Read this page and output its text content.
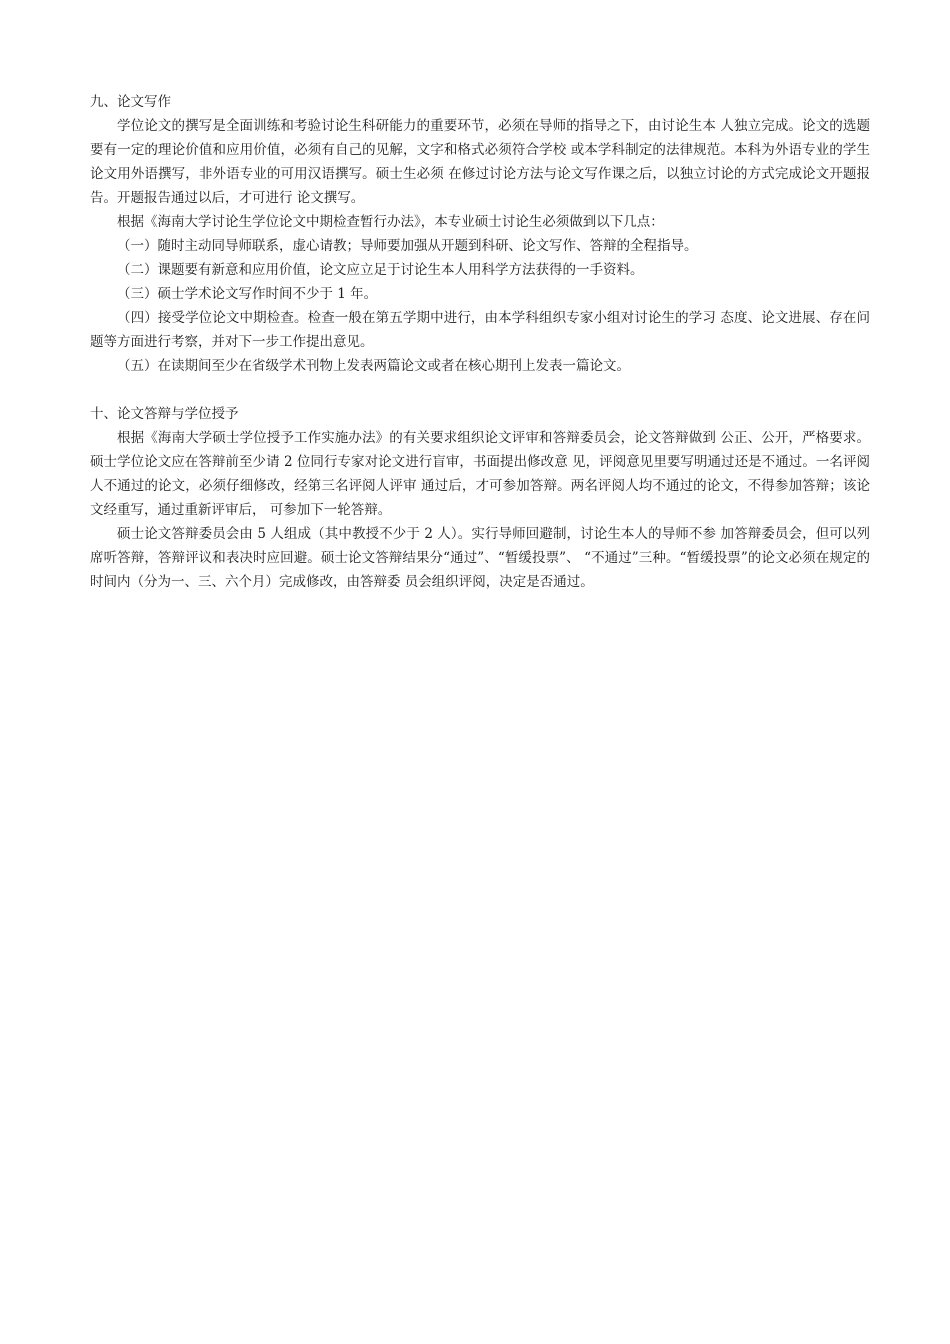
九、论文写作

学位论文的撰写是全面训练和考验讨论生科研能力的重要环节，必须在导师的指导之下，由讨论生本 人独立完成。论文的选题要有一定的理论价值和应用价值，必须有自己的见解，文字和格式必须符合学校 或本学科制定的法律规范。本科为外语专业的学生论文用外语撰写，非外语专业的可用汉语撰写。硕士生必须 在修过讨论方法与论文写作课之后，以独立讨论的方式完成论文开题报告。开题报告通过以后，才可进行 论文撰写。

根据《海南大学讨论生学位论文中期检查暂行办法》，本专业硕士讨论生必须做到以下几点：

（一）随时主动同导师联系，虚心请教；导师要加强从开题到科研、论文写作、答辩的全程指导。

（二）课题要有新意和应用价值，论文应立足于讨论生本人用科学方法获得的一手资料。

（三）硕士学术论文写作时间不少于 1 年。

（四）接受学位论文中期检查。检查一般在第五学期中进行，由本学科组织专家小组对讨论生的学习 态度、论文进展、存在问题等方面进行考察，并对下一步工作提出意见。

（五）在读期间至少在省级学术刊物上发表两篇论文或者在核心期刊上发表一篇论文。

十、论文答辩与学位授予

根据《海南大学硕士学位授予工作实施办法》的有关要求组织论文评审和答辩委员会，论文答辩做到 公正、公开，严格要求。硕士学位论文应在答辩前至少请 2 位同行专家对论文进行盲审，书面提出修改意 见，评阅意见里要写明通过还是不通过。一名评阅人不通过的论文，必须仔细修改，经第三名评阅人评审 通过后，才可参加答辩。两名评阅人均不通过的论文，不得参加答辩；该论文经重写，通过重新评审后， 可参加下一轮答辩。

硕士论文答辩委员会由 5 人组成（其中教授不少于 2 人）。实行导师回避制，讨论生本人的导师不参 加答辩委员会，但可以列席听答辩，答辩评议和表决时应回避。硕士论文答辩结果分“通过”、“暂缓投票”、 “不通过”三种。“暂缓投票”的论文必须在规定的时间内（分为一、三、六个月）完成修改，由答辩委 员会组织评阅，决定是否通过。
